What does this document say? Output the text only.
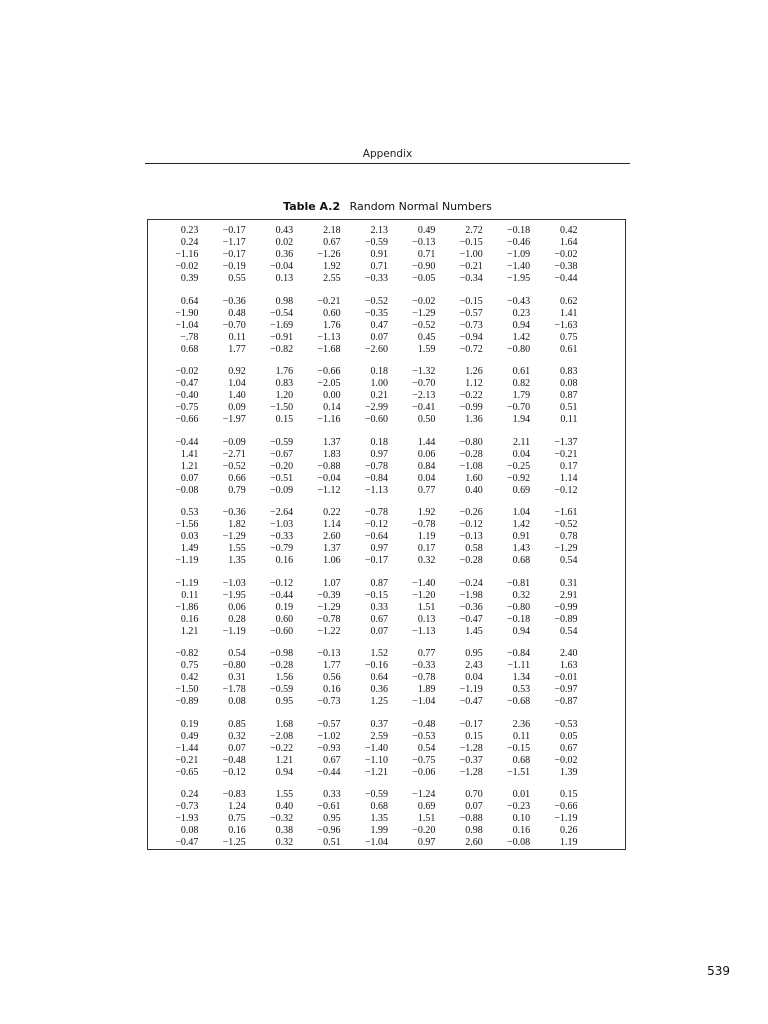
Appendix
Table A.2 Random Normal Numbers
0.23	−0.17	0.43	2.18	2.13	0.49	2.72	−0.18	0.42
0.24	−1.17	0.02	0.67	−0.59	−0.13	−0.15	−0.46	1.64
−1.16	−0.17	0.36	−1.26	0.91	0.71	−1.00	−1.09	−0.02
−0.02	−0.19	−0.04	1.92	0.71	−0.90	−0.21	−1.40	−0.38
0.39	0.55	0.13	2.55	−0.33	−0.05	−0.34	−1.95	−0.44

0.64	−0.36	0.98	−0.21	−0.52	−0.02	−0.15	−0.43	0.62
−1.90	0.48	−0.54	0.60	−0.35	−1.29	−0.57	0.23	1.41
−1.04	−0.70	−1.69	1.76	0.47	−0.52	−0.73	0.94	−1.63
−.78	0.11	−0.91	−1.13	0.07	0.45	−0.94	1.42	0.75
0.68	1.77	−0.82	−1.68	−2.60	1.59	−0.72	−0.80	0.61

−0.02	0.92	1.76	−0.66	0.18	−1.32	1.26	0.61	0.83
−0.47	1.04	0.83	−2.05	1.00	−0.70	1.12	0.82	0.08
−0.40	1.40	1.20	0.00	0.21	−2.13	−0.22	1.79	0.87
−0.75	0.09	−1.50	0.14	−2.99	−0.41	−0.99	−0.70	0.51
−0.66	−1.97	0.15	−1.16	−0.60	0.50	1.36	1.94	0.11

−0.44	−0.09	−0.59	1.37	0.18	1.44	−0.80	2.11	−1.37
1.41	−2.71	−0.67	1.83	0.97	0.06	−0.28	0.04	−0.21
1.21	−0.52	−0.20	−0.88	−0.78	0.84	−1.08	−0.25	0.17
0.07	0.66	−0.51	−0.04	−0.84	0.04	1.60	−0.92	1.14
−0.08	0.79	−0.09	−1.12	−1.13	0.77	0.40	0.69	−0.12

0.53	−0.36	−2.64	0.22	−0.78	1.92	−0.26	1.04	−1.61
−1.56	1.82	−1.03	1.14	−0.12	−0.78	−0.12	1.42	−0.52
0.03	−1.29	−0.33	2.60	−0.64	1.19	−0.13	0.91	0.78
1.49	1.55	−0.79	1.37	0.97	0.17	0.58	1.43	−1.29
−1.19	1.35	0.16	1.06	−0.17	0.32	−0.28	0.68	0.54

−1.19	−1.03	−0.12	1.07	0.87	−1.40	−0.24	−0.81	0.31
0.11	−1.95	−0.44	−0.39	−0.15	−1.20	−1.98	0.32	2.91
−1.86	0.06	0.19	−1.29	0.33	1.51	−0.36	−0.80	−0.99
0.16	0.28	0.60	−0.78	0.67	0.13	−0.47	−0.18	−0.89
1.21	−1.19	−0.60	−1.22	0.07	−1.13	1.45	0.94	0.54

−0.82	0.54	−0.98	−0.13	1.52	0.77	0.95	−0.84	2.40
0.75	−0.80	−0.28	1.77	−0.16	−0.33	2.43	−1.11	1.63
0.42	0.31	1.56	0.56	0.64	−0.78	0.04	1.34	−0.01
−1.50	−1.78	−0.59	0.16	0.36	1.89	−1.19	0.53	−0.97
−0.89	0.08	0.95	−0.73	1.25	−1.04	−0.47	−0.68	−0.87

0.19	0.85	1.68	−0.57	0.37	−0.48	−0.17	2.36	−0.53
0.49	0.32	−2.08	−1.02	2.59	−0.53	0.15	0.11	0.05
−1.44	0.07	−0.22	−0.93	−1.40	0.54	−1.28	−0.15	0.67
−0.21	−0.48	1.21	0.67	−1.10	−0.75	−0.37	0.68	−0.02
−0.65	−0.12	0.94	−0.44	−1.21	−0.06	−1.28	−1.51	1.39

0.24	−0.83	1.55	0.33	−0.59	−1.24	0.70	0.01	0.15
−0.73	1.24	0.40	−0.61	0.68	0.69	0.07	−0.23	−0.66
−1.93	0.75	−0.32	0.95	1.35	1.51	−0.88	0.10	−1.19
0.08	0.16	0.38	−0.96	1.99	−0.20	0.98	0.16	0.26
−0.47	−1.25	0.32	0.51	−1.04	0.97	2.60	−0.08	1.19
539
